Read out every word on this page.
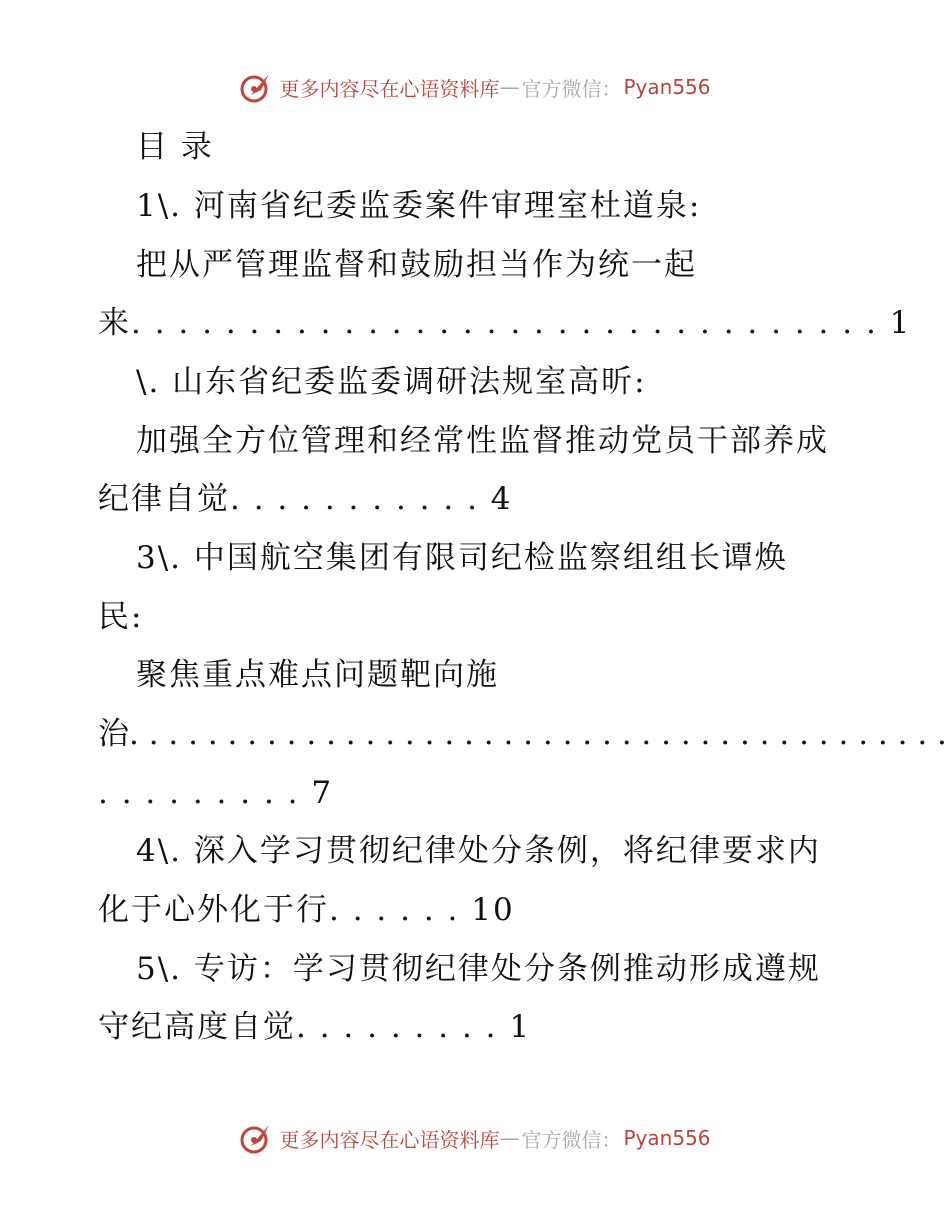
更多内容尽在心语资料库 — 官方微信： Pyan556
目 录
1\. 河南省纪委监委案件审理室杜道泉:
把从严管理监督和鼓励担当作为统一起
来. . . . . . . . . . . . . . . . . . . . . . . . . . . . . . . . 1
\. 山东省纪委监委调研法规室高昕:
加强全方位管理和经常性监督推动党员干部养成
纪律自觉. . . . . . . . . . . 4
3\. 中国航空集团有限司纪检监察组组长谭焕
民:
聚焦重点难点问题靶向施
治. . . . . . . . . . . . . . . . . . . . . . . . . . . . . . . . . . . . . . . . . .
. . . . . . . . . 7
4\. 深入学习贯彻纪律处分条例，将纪律要求内
化于心外化于行. . . . . . 10
5\. 专访：学习贯彻纪律处分条例推动形成遵规
守纪高度自觉. . . . . . . . . 1
更多内容尽在心语资料库 — 官方微信： Pyan556
